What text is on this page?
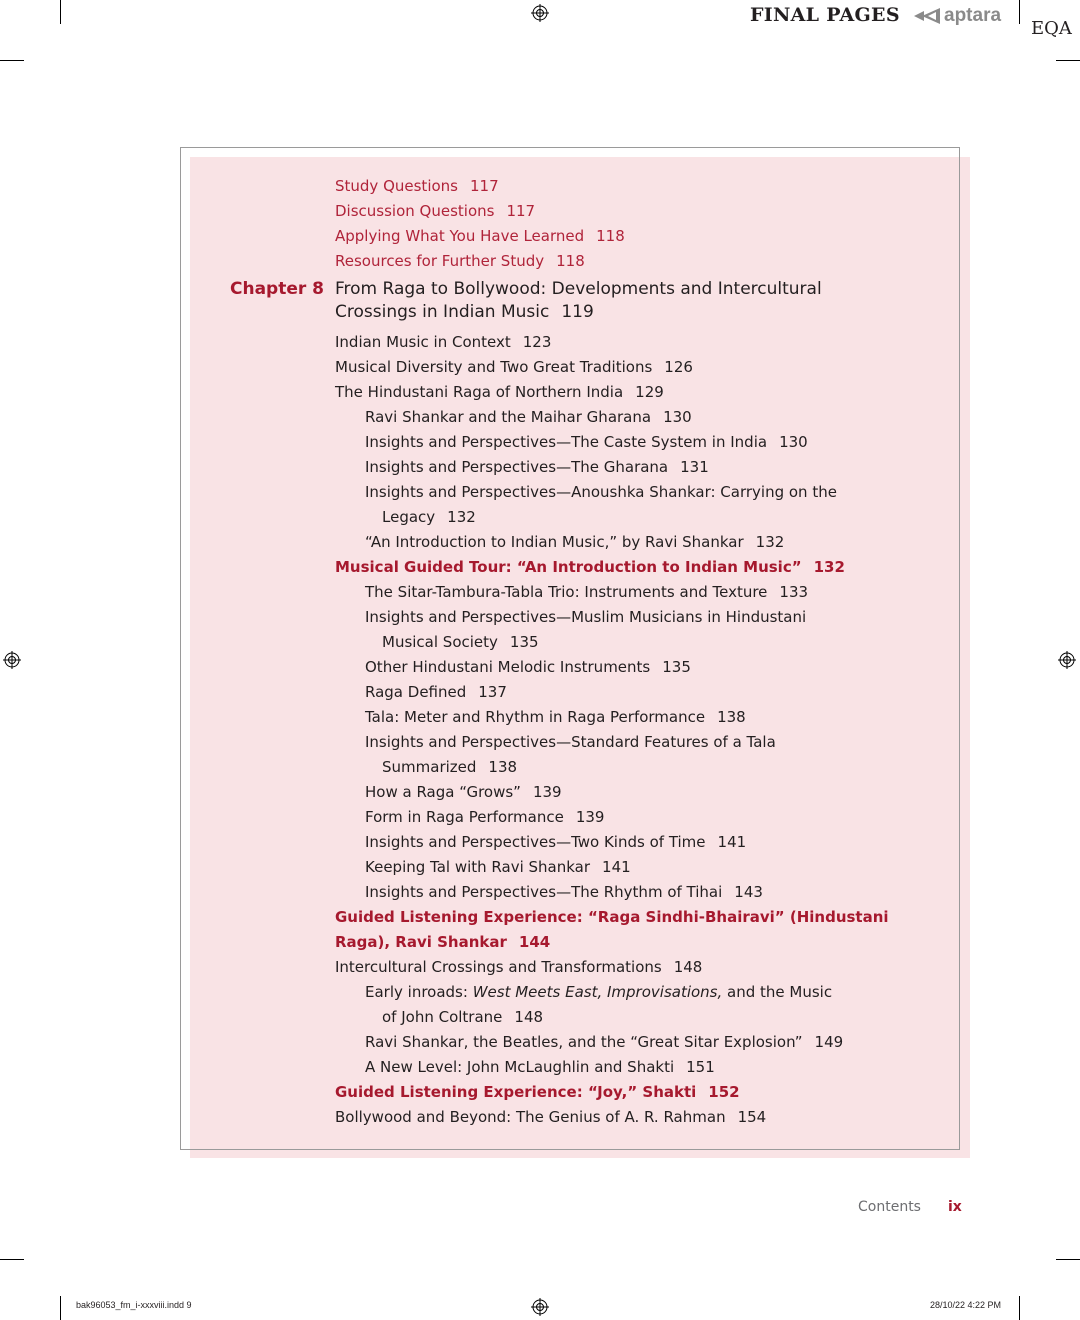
FINAL PAGES aptara
EQA
Chapter 8
Study Questions 117
Discussion Questions 117
Applying What You Have Learned 118
Resources for Further Study 118
From Raga to Bollywood: Developments and Intercultural
Crossings in Indian Music 119
Indian Music in Context 123
Musical Diversity and Two Great Traditions 126
The Hindustani Raga of Northern India 129
Ravi Shankar and the Maihar Gharana 130
Insights and Perspectives—The Caste System in India 130
Insights and Perspectives—The Gharana 131
Insights and Perspectives—Anoushka Shankar: Carrying on the
Legacy 132
“An Introduction to Indian Music,” by Ravi Shankar 132
Musical Guided Tour: “An Introduction to Indian Music” 132
The Sitar-Tambura-Tabla Trio: Instruments and Texture 133
Insights and Perspectives—Muslim Musicians in Hindustani
Musical Society 135
Other Hindustani Melodic Instruments 135
Raga Defined 137
Tala: Meter and Rhythm in Raga Performance 138
Insights and Perspectives—Standard Features of a Tala
Summarized 138
How a Raga “Grows” 139
Form in Raga Performance 139
Insights and Perspectives—Two Kinds of Time 141
Keeping Tal with Ravi Shankar 141
Insights and Perspectives—The Rhythm of Tihai 143
Guided Listening Experience: “Raga Sindhi-Bhairavi” (Hindustani
Raga), Ravi Shankar 144
Intercultural Crossings and Transformations 148
Early inroads: West Meets East, Improvisations, and the Music
of John Coltrane 148
Ravi Shankar, the Beatles, and the “Great Sitar Explosion” 149
A New Level: John McLaughlin and Shakti 151
Guided Listening Experience: “Joy,” Shakti 152
Bollywood and Beyond: The Genius of A. R. Rahman 154
Contents ix
bak96053_fm_i-xxxviii.indd 9	28/10/22 4:22 PM
